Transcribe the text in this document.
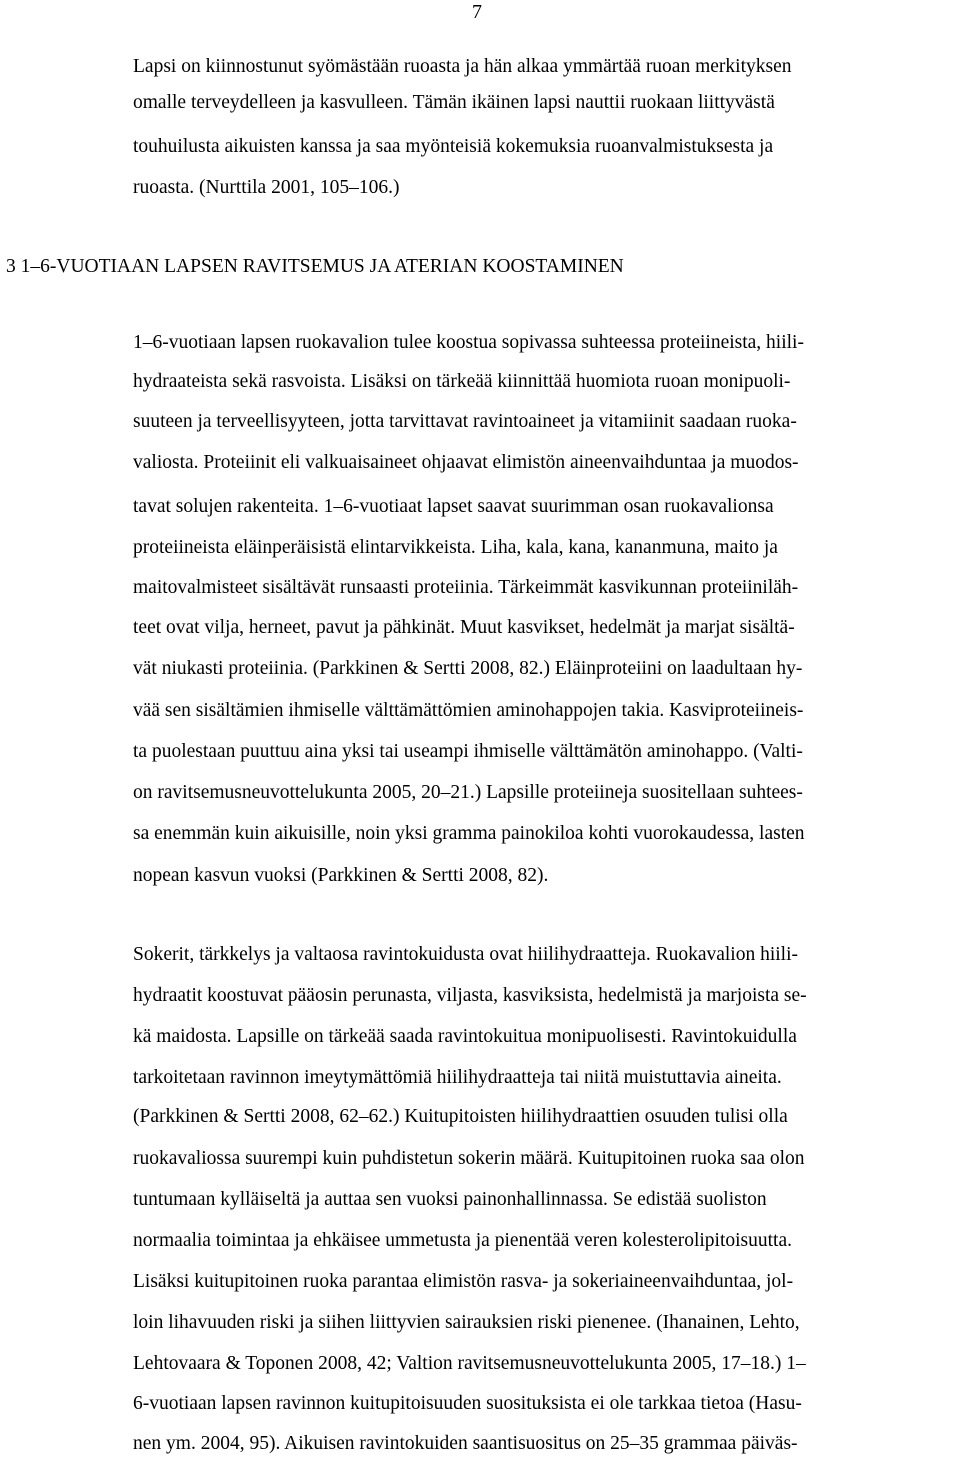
7
Lapsi on kiinnostunut syömästään ruoasta ja hän alkaa ymmärtää ruoan merkityksen
omalle terveydelleen ja kasvulleen. Tämän ikäinen lapsi nauttii ruokaan liittyvästä
touhuilusta aikuisten kanssa ja saa myönteisiä kokemuksia ruoanvalmistuksesta ja
ruoasta. (Nurttila 2001, 105–106.)
3 1–6-VUOTIAAN LAPSEN RAVITSEMUS JA ATERIAN KOOSTAMINEN
1–6-vuotiaan lapsen ruokavalion tulee koostua sopivassa suhteessa proteiineista, hiili-
hydraateista sekä rasvoista. Lisäksi on tärkeää kiinnittää huomiota ruoan monipuoli-
suuteen ja terveellisyyteen, jotta tarvittavat ravintoaineet ja vitamiinit saadaan ruoka-
valiosta. Proteiinit eli valkuaisaineet ohjaavat elimistön aineenvaihduntaa ja muodos-
tavat solujen rakenteita. 1–6-vuotiaat lapset saavat suurimman osan ruokavalionsa
proteiineista eläinperäisistä elintarvikkeista. Liha, kala, kana, kananmuna, maito ja
maitovalmisteet sisältävät runsaasti proteiinia. Tärkeimmät kasvikunnan proteiiniläh-
teet ovat vilja, herneet, pavut ja pähkinät. Muut kasvikset, hedelmät ja marjat sisältä-
vät niukasti proteiinia. (Parkkinen & Sertti 2008, 82.) Eläinproteiini on laadultaan hy-
vää sen sisältämien ihmiselle välttämättömien aminohappojen takia. Kasviproteiineis-
ta puolestaan puuttuu aina yksi tai useampi ihmiselle välttämätön aminohappo. (Valti-
on ravitsemusneuvottelukunta 2005, 20–21.) Lapsille proteiineja suositellaan suhtees-
sa enemmän kuin aikuisille, noin yksi gramma painokiloa kohti vuorokaudessa, lasten
nopean kasvun vuoksi (Parkkinen & Sertti 2008, 82).
Sokerit, tärkkelys ja valtaosa ravintokuidusta ovat hiilihydraatteja. Ruokavalion hiili-
hydraatit koostuvat pääosin perunasta, viljasta, kasviksista, hedelmistä ja marjoista se-
kä maidosta. Lapsille on tärkeää saada ravintokuitua monipuolisesti. Ravintokuidulla
tarkoitetaan ravinnon imeytymättömiä hiilihydraatteja tai niitä muistuttavia aineita.
(Parkkinen & Sertti 2008, 62–62.) Kuitupitoisten hiilihydraattien osuuden tulisi olla
ruokavaliossa suurempi kuin puhdistetun sokerin määrä. Kuitupitoinen ruoka saa olon
tuntumaan kylläiseltä ja auttaa sen vuoksi painonhallinnassa. Se edistää suoliston
normaalia toimintaa ja ehkäisee ummetusta ja pienentää veren kolesterolipitoisuutta.
Lisäksi kuitupitoinen ruoka parantaa elimistön rasva- ja sokeriaineenvaihduntaa, jol-
loin lihavuuden riski ja siihen liittyvien sairauksien riski pienenee. (Ihanainen, Lehto,
Lehtovaara & Toponen 2008, 42; Valtion ravitsemusneuvottelukunta 2005, 17–18.) 1–
6-vuotiaan lapsen ravinnon kuitupitoisuuden suosituksista ei ole tarkkaa tietoa (Hasu-
nen ym. 2004, 95). Aikuisen ravintokuiden saantisuositus on 25–35 grammaa päiväs-
